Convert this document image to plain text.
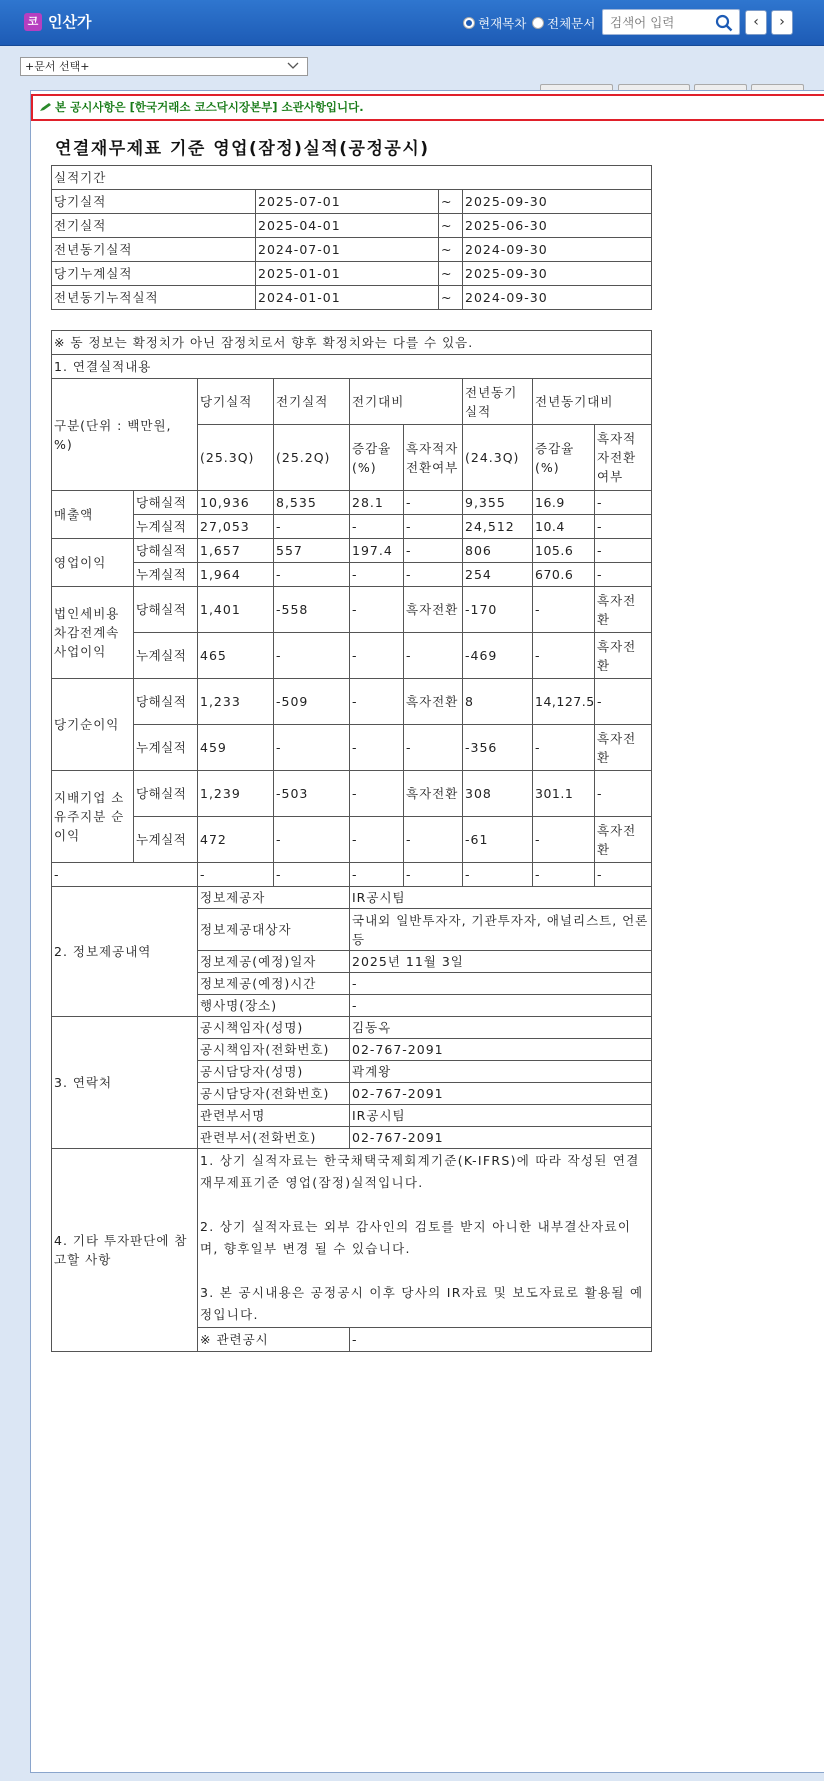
코 인산가	현재목차 전체문서
검색어 입력	‹	›
+문서 선택+
본 공시사항은 [한국거래소 코스닥시장본부] 소관사항입니다.
연결재무제표 기준 영업(잠정)실적(공정공시)
실적기간			
당기실적	2025-07-01	~	2025-09-30
전기실적	2025-04-01	~	2025-06-30
전년동기실적	2024-07-01	~	2024-09-30
당기누계실적	2025-01-01	~	2025-09-30
전년동기누적실적	2024-01-01	~	2024-09-30
※ 동 정보는 확정치가 아닌 잠정치로서 향후 확정치와는 다를 수 있음.								
1. 연결실적내용								
구분(단위 : 백만원, %)		당기실적	전기실적	전기대비		전년동기실적	전년동기대비	
		(25.3Q)	(25.2Q)	증감율(%)	흑자적자전환여부	(24.3Q)	증감율(%)	흑자적자전환여부
매출액	당해실적	10,936	8,535	28.1	-	9,355	16.9	-
	누계실적	27,053	-	-	-	24,512	10.4	-
영업이익	당해실적	1,657	557	197.4	-	806	105.6	-
	누계실적	1,964	-	-	-	254	670.6	-
법인세비용차감전계속사업이익	당해실적	1,401	-558	-	흑자전환	-170	-	흑자전환
	누계실적	465	-	-	-	-469	-	흑자전환
당기순이익	당해실적	1,233	-509	-	흑자전환	8	14,127.5	-
	누계실적	459	-	-	-	-356	-	흑자전환
지배기업 소유주지분 순이익	당해실적	1,239	-503	-	흑자전환	308	301.1	-
	누계실적	472	-	-	-	-61	-	흑자전환
-		-	-	-	-	-	-	-
2. 정보제공내역		정보제공자		IR공시팀				
		정보제공대상자		국내외 일반투자자, 기관투자자, 애널리스트, 언론 등				
		정보제공(예정)일자		2025년 11월 3일				
		정보제공(예정)시간		-				
		행사명(장소)		-				
3. 연락처		공시책임자(성명)		김동옥				
		공시책임자(전화번호)		02-767-2091				
		공시담당자(성명)		곽계왕				
		공시담당자(전화번호)		02-767-2091				
		관련부서명		IR공시팀				
		관련부서(전화번호)		02-767-2091				
4. 기타 투자판단에 참고할 사항		1. 상기 실적자료는 한국채택국제회계기준(K-IFRS)에 따라 작성된 연결 재무제표기준 영업(잠정)실적입니다.
2. 상기 실적자료는 외부 감사인의 검토를 받지 아니한 내부결산자료이며, 향후일부 변경 될 수 있습니다.
3. 본 공시내용은 공정공시 이후 당사의 IR자료 및 보도자료로 활용될 예정입니다.						

		※ 관련공시		-				
